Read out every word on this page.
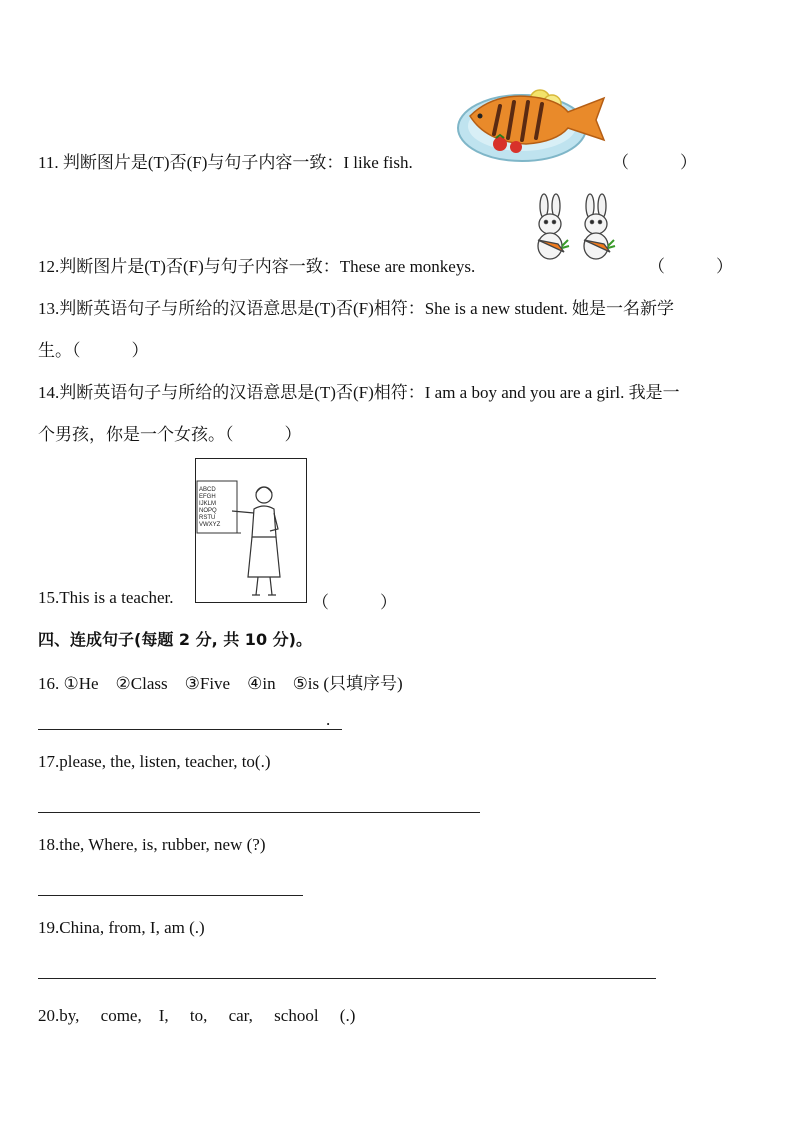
11. 判断图片是(T)否(F)与句子内容一致：I like fish.	（　　　）
12.判断图片是(T)否(F)与句子内容一致：These are monkeys.	（　　　）
13.判断英语句子与所给的汉语意思是(T)否(F)相符：She is a new student. 她是一名新学
生。（　　　）
14.判断英语句子与所给的汉语意思是(T)否(F)相符：I am a boy and you are a girl. 我是一
个男孩，你是一个女孩。（　　　）
15.This is a teacher.
ABCD
EFGH
IJKLM
NOPQ
RSTU
VWXYZ
（　　　）
四、连成句子(每题 2 分, 共 10 分)。
16. ①He　②Class　③Five　④in　⑤is (只填序号)
.
17.please, the, listen, teacher, to(.)
18.the, Where, is, rubber, new (?)
19.China, from, I, am (.)
20.by,　 come,　I,　 to,　 car,　 school　 (.)
